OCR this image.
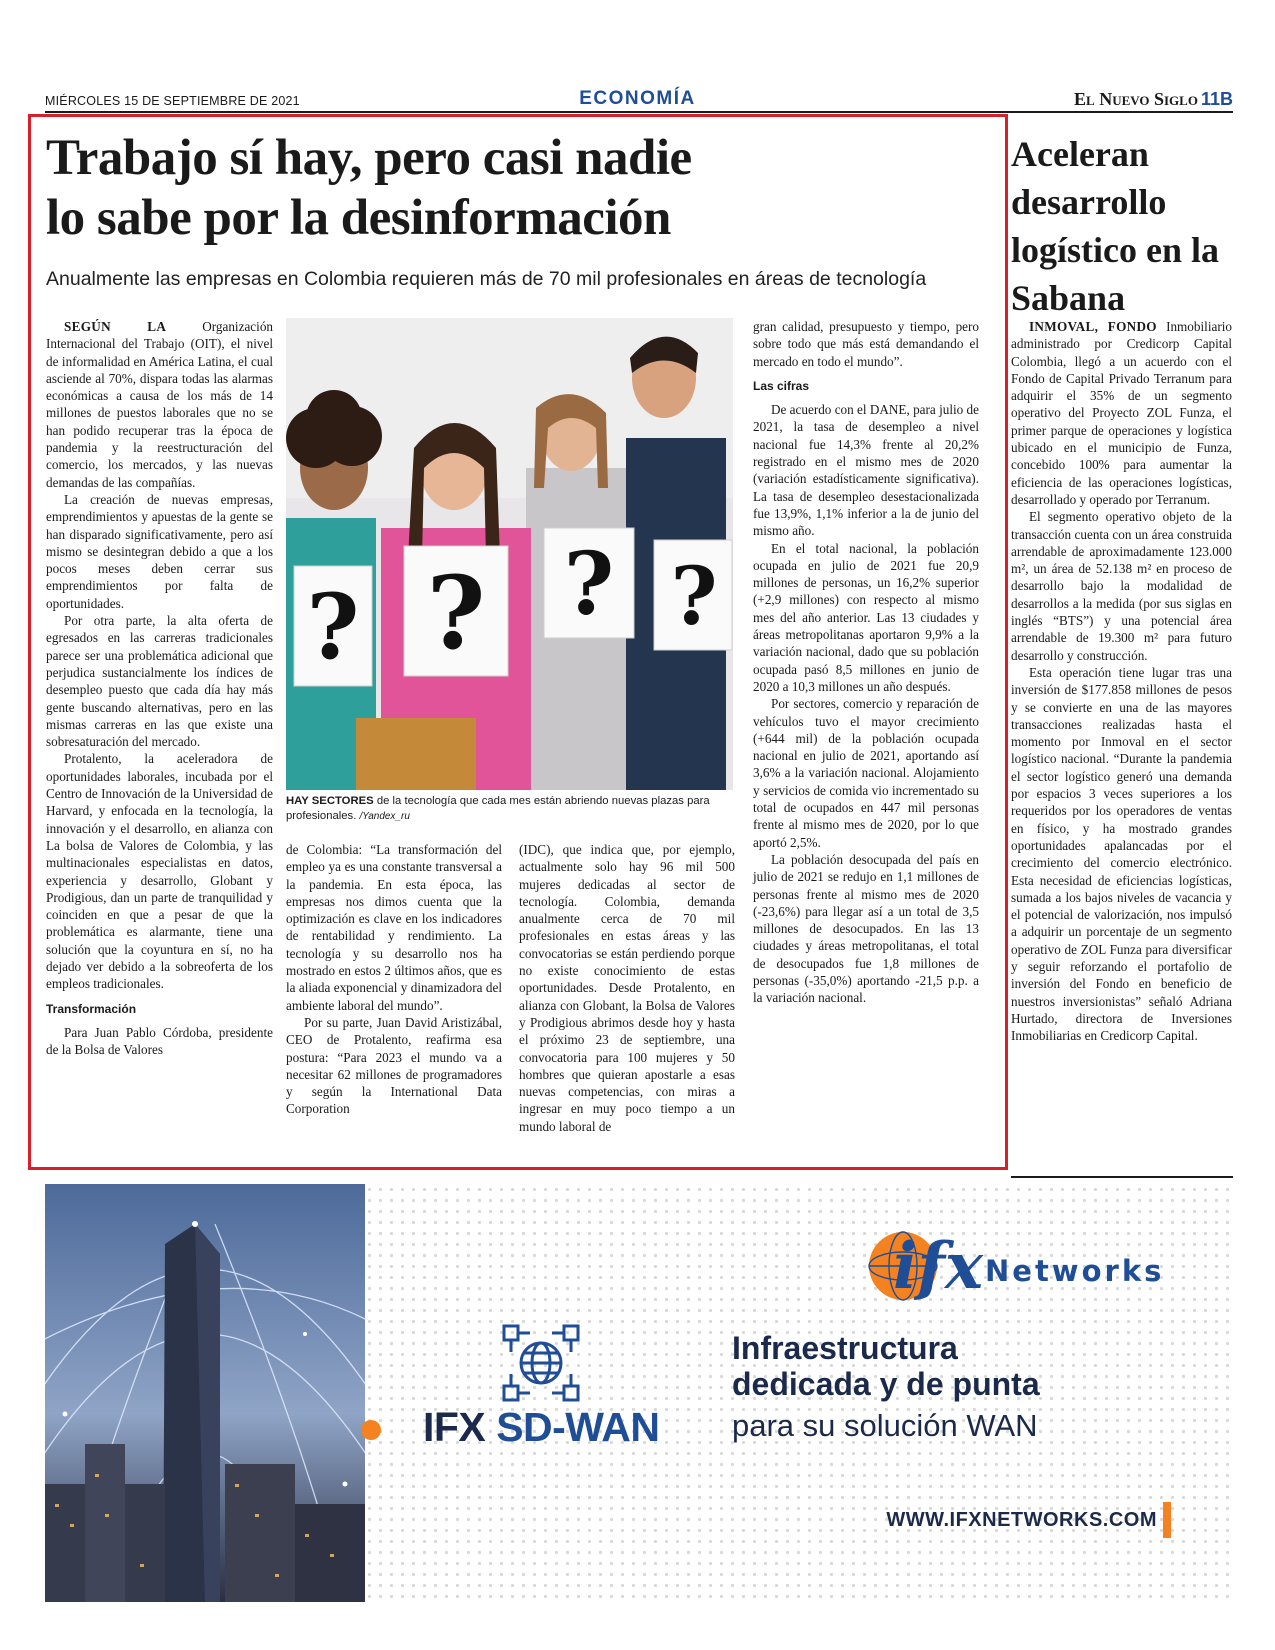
MIÉRCOLES 15 DE SEPTIEMBRE DE 2021	ECONOMÍA	El Nuevo Siglo 11B
Trabajo sí hay, pero casi nadie
lo sabe por la desinformación
Anualmente las empresas en Colombia requieren más de 70 mil profesionales en áreas de tecnología

SEGÚN LA Organización Internacional del Trabajo (OIT), el nivel de informalidad en América Latina, el cual asciende al 70%, dispara todas las alarmas económicas a causa de los más de 14 millones de puestos laborales que no se han podido recuperar tras la época de pandemia y la reestructuración del comercio, los mercados, y las nuevas demandas de las compañías.

La creación de nuevas empresas, emprendimientos y apuestas de la gente se han disparado significativamente, pero así mismo se desintegran debido a que a los pocos meses deben cerrar sus emprendimientos por falta de oportunidades.

Por otra parte, la alta oferta de egresados en las carreras tradicionales parece ser una problemática adicional que perjudica sustancialmente los índices de desempleo puesto que cada día hay más gente buscando alternativas, pero en las mismas carreras en las que existe una sobresaturación del mercado.

Protalento, la aceleradora de oportunidades laborales, incubada por el Centro de Innovación de la Universidad de Harvard, y enfocada en la tecnología, la innovación y el desarrollo, en alianza con La bolsa de Valores de Colombia, y las multinacionales especialistas en datos, experiencia y desarrollo, Globant y Prodigious, dan un parte de tranquilidad y coinciden en que a pesar de que la problemática es alarmante, tiene una solución que la coyuntura en sí, no ha dejado ver debido a la sobreoferta de los empleos tradicionales.

Transformación

Para Juan Pablo Córdoba, presidente de la Bolsa de Valores

de Colombia: “La transformación del empleo ya es una constante transversal a la pandemia. En esta época, las empresas nos dimos cuenta que la optimización es clave en los indicadores de rentabilidad y rendimiento. La tecnología y su desarrollo nos ha mostrado en estos 2 últimos años, que es la aliada exponencial y dinamizadora del ambiente laboral del mundo”.

Por su parte, Juan David Aristizábal, CEO de Protalento, reafirma esa postura: “Para 2023 el mundo va a necesitar 62 millones de programadores y según la International Data Corporation

(IDC), que indica que, por ejemplo, actualmente solo hay 96 mil 500 mujeres dedicadas al sector de tecnología. Colombia, demanda anualmente cerca de 70 mil profesionales en estas áreas y las convocatorias se están perdiendo porque no existe conocimiento de estas oportunidades. Desde Protalento, en alianza con Globant, la Bolsa de Valores y Prodigious abrimos desde hoy y hasta el próximo 23 de septiembre, una convocatoria para 100 mujeres y 50 hombres que quieran apostarle a esas nuevas competencias, con miras a ingresar en muy poco tiempo a un mundo laboral de

gran calidad, presupuesto y tiempo, pero sobre todo que más está demandando el mercado en todo el mundo”.

Las cifras

De acuerdo con el DANE, para julio de 2021, la tasa de desempleo a nivel nacional fue 14,3% frente al 20,2% registrado en el mismo mes de 2020 (variación estadísticamente significativa). La tasa de desempleo desestacionalizada fue 13,9%, 1,1% inferior a la de junio del mismo año.

En el total nacional, la población ocupada en julio de 2021 fue 20,9 millones de personas, un 16,2% superior (+2,9 millones) con respecto al mismo mes del año anterior. Las 13 ciudades y áreas metropolitanas aportaron 9,9% a la variación nacional, dado que su población ocupada pasó 8,5 millones en junio de 2020 a 10,3 millones un año después.

Por sectores, comercio y reparación de vehículos tuvo el mayor crecimiento (+644 mil) de la población ocupada nacional en julio de 2021, aportando así 3,6% a la variación nacional. Alojamiento y servicios de comida vio incrementado su total de ocupados en 447 mil personas frente al mismo mes de 2020, por lo que aportó 2,5%.

La población desocupada del país en julio de 2021 se redujo en 1,1 millones de personas frente al mismo mes de 2020 (-23,6%) para llegar así a un total de 3,5 millones de desocupados. En las 13 ciudades y áreas metropolitanas, el total de desocupados fue 1,8 millones de personas (-35,0%) aportando -21,5 p.p. a la variación nacional.

? ? ? ?
HAY SECTORES de la tecnología que cada mes están abriendo nuevas plazas para profesionales. /Yandex_ru
Aceleran desarrollo logístico en la Sabana

INMOVAL, FONDO Inmobiliario administrado por Credicorp Capital Colombia, llegó a un acuerdo con el Fondo de Capital Privado Terranum para adquirir el 35% de un segmento operativo del Proyecto ZOL Funza, el primer parque de operaciones y logística ubicado en el municipio de Funza, concebido 100% para aumentar la eficiencia de las operaciones logísticas, desarrollado y operado por Terranum.

El segmento operativo objeto de la transacción cuenta con un área construida arrendable de aproximadamente 123.000 m², un área de 52.138 m² en proceso de desarrollo bajo la modalidad de desarrollos a la medida (por sus siglas en inglés “BTS”) y una potencial área arrendable de 19.300 m² para futuro desarrollo y construcción.

Esta operación tiene lugar tras una inversión de $177.858 millones de pesos y se convierte en una de las mayores transacciones realizadas hasta el momento por Inmoval en el sector logístico nacional. “Durante la pandemia el sector logístico generó una demanda por espacios 3 veces superiores a los requeridos por los operadores de ventas en físico, y ha mostrado grandes oportunidades apalancadas por el crecimiento del comercio electrónico. Esta necesidad de eficiencias logísticas, sumada a los bajos niveles de vacancia y el potencial de valorización, nos impulsó a adquirir un porcentaje de un segmento operativo de ZOL Funza para diversificar y seguir reforzando el portafolio de inversión del Fondo en beneficio de nuestros inversionistas” señaló Adriana Hurtado, directora de Inversiones Inmobiliarias en Credicorp Capital.

ifx Networks
IFX SD-WAN
Infraestructura
dedicada y de punta
para su solución WAN
WWW.IFXNETWORKS.COM
